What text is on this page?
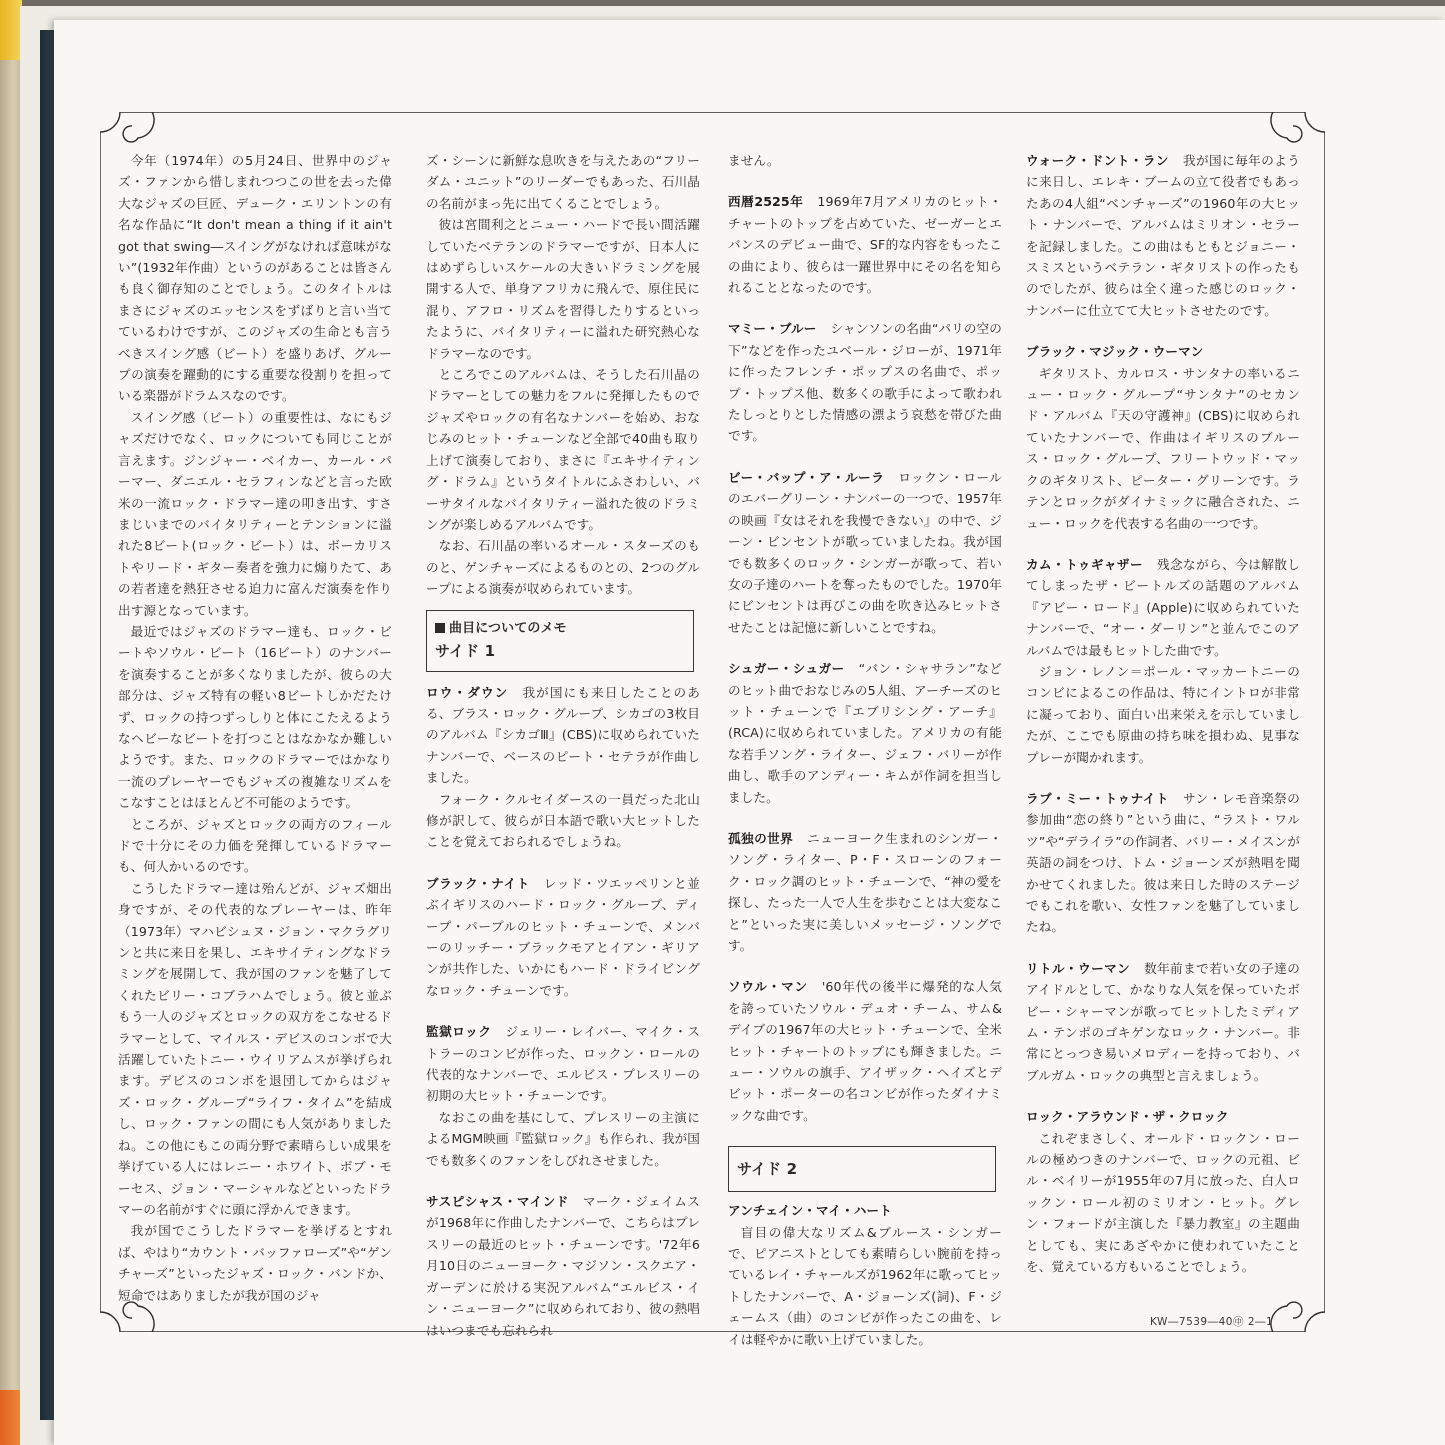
今年（1974年）の5月24日、世界中のジャズ・ファンから惜しまれつつこの世を去った偉大なジャズの巨匠、デューク・エリントンの有名な作品に“It don't mean a thing if it ain't got that swing―スイングがなければ意味がない”(1932年作曲）というのがあることは皆さんも良く御存知のことでしょう。このタイトルはまさにジャズのエッセンスをずばりと言い当てているわけですが、このジャズの生命とも言うべきスイング感（ビート）を盛りあげ、グループの演奏を躍動的にする重要な役割りを担っている楽器がドラムスなのです。

スイング感（ビート）の重要性は、なにもジャズだけでなく、ロックについても同じことが言えます。ジンジャー・ベイカー、カール・パーマー、ダニエル・セラフィンなどと言った欧米の一流ロック・ドラマー達の叩き出す、すさまじいまでのバイタリティーとテンションに溢れた8ビート(ロック・ビート）は、ボーカリストやリード・ギター奏者を強力に煽りたて、あの若者達を熱狂させる迫力に富んだ演奏を作り出す源となっています。

最近ではジャズのドラマー達も、ロック・ビートやソウル・ビート（16ビート）のナンバーを演奏することが多くなりましたが、彼らの大部分は、ジャズ特有の軽い8ビートしかだたけず、ロックの持つずっしりと体にこたえるようなヘビーなビートを打つことはなかなか難しいようです。また、ロックのドラマーではかなり一流のプレーヤーでもジャズの複雑なリズムをこなすことはほとんど不可能のようです。

ところが、ジャズとロックの両方のフィールドで十分にその力価を発揮しているドラマーも、何人かいるのです。

こうしたドラマー達は殆んどが、ジャズ畑出身ですが、その代表的なプレーヤーは、昨年（1973年）マハビシュヌ・ジョン・マクラグリンと共に来日を果し、エキサイティングなドラミングを展開して、我が国のファンを魅了してくれたビリー・コブラハムでしょう。彼と並ぶもう一人のジャズとロックの双方をこなせるドラマーとして、マイルス・デビスのコンボで大活躍していたトニー・ウイリアムスが挙げられます。デビスのコンボを退団してからはジャズ・ロック・グループ“ライフ・タイム”を結成し、ロック・ファンの間にも人気がありましたね。この他にもこの両分野で素晴らしい成果を挙げている人にはレニー・ホワイト、ボブ・モーセス、ジョン・マーシャルなどといったドラマーの名前がすぐに頭に浮かんできます。

我が国でこうしたドラマーを挙げるとすれば、やはり“カウント・バッファローズ”や“ゲンチャーズ”といったジャズ・ロック・バンドか、短命ではありましたが我が国のジャ

ズ・シーンに新鮮な息吹きを与えたあの“フリーダム・ユニット”のリーダーでもあった、石川晶の名前がまっ先に出てくることでしょう。

彼は宮間利之とニュー・ハードで長い間活躍していたベテランのドラマーですが、日本人にはめずらしいスケールの大きいドラミングを展開する人で、単身アフリカに飛んで、原住民に混り、アフロ・リズムを習得したりするといったように、バイタリティーに溢れた研究熱心なドラマーなのです。

ところでこのアルバムは、そうした石川晶のドラマーとしての魅力をフルに発揮したものでジャズやロックの有名なナンバーを始め、おなじみのヒット・チューンなど全部で40曲も取り上げて演奏しており、まさに『エキサイティング・ドラム』というタイトルにふさわしい、バーサタイルなバイタリティー溢れた彼のドラミングが楽しめるアルバムです。

なお、石川晶の率いるオール・スターズのものと、ゲンチャーズによるものとの、2つのグループによる演奏が収められています。

曲目についてのメモ
サイド 1

ロウ・ダウン 我が国にも来日したことのある、ブラス・ロック・グループ、シカゴの3枚目のアルバム『シカゴⅢ』(CBS)に収められていたナンバーで、ベースのピート・セテラが作曲しました。

フォーク・クルセイダースの一員だった北山修が訳して、彼らが日本語で歌い大ヒットしたことを覚えておられるでしょうね。

ブラック・ナイト レッド・ツエッペリンと並ぶイギリスのハード・ロック・グループ、ディープ・パープルのヒット・チューンで、メンバーのリッチー・ブラックモアとイアン・ギリアンが共作した、いかにもハード・ドライビングなロック・チューンです。

監獄ロック ジェリー・レイバー、マイク・ストラーのコンビが作った、ロックン・ロールの代表的なナンバーで、エルビス・プレスリーの初期の大ヒット・チューンです。

なおこの曲を基にして、プレスリーの主演によるMGM映画『監獄ロック』も作られ、我が国でも数多くのファンをしびれさせました。

サスピシャス・マインド マーク・ジェイムスが1968年に作曲したナンバーで、こちらはプレスリーの最近のヒット・チューンです。'72年6月10日のニューヨーク・マジソン・スクエア・ガーデンに於ける実況アルバム“エルビス・イン・ニューヨーク”に収められており、彼の熱唱はいつまでも忘れられ

ません。

西暦2525年 1969年7月アメリカのヒット・チャートのトップを占めていた、ゼーガーとエバンスのデビュー曲で、SF的な内容をもったこの曲により、彼らは一躍世界中にその名を知られることとなったのです。

マミー・ブルー シャンソンの名曲“パリの空の下”などを作ったユベール・ジローが、1971年に作ったフレンチ・ポップスの名曲で、ポップ・トップス他、数多くの歌手によって歌われたしっとりとした情感の漂よう哀愁を帯びた曲です。

ビー・バップ・ア・ルーラ ロックン・ロールのエバーグリーン・ナンバーの一つで、1957年の映画『女はそれを我慢できない』の中で、ジーン・ビンセントが歌っていましたね。我が国でも数多くのロック・シンガーが歌って、若い女の子達のハートを奪ったものでした。1970年にビンセントは再びこの曲を吹き込みヒットさせたことは記憶に新しいことですね。

シュガー・シュガー “バン・シャサラン”などのヒット曲でおなじみの5人組、アーチーズのヒット・チューンで『エブリシング・アーチ』(RCA)に収められていました。アメリカの有能な若手ソング・ライター、ジェフ・バリーが作曲し、歌手のアンディー・キムが作詞を担当しました。

孤独の世界 ニューヨーク生まれのシンガー・ソング・ライター、P・F・スローンのフォーク・ロック調のヒット・チューンで、“神の愛を探し、たった一人で人生を歩むことは大変なこと”といった実に美しいメッセージ・ソングです。

ソウル・マン '60年代の後半に爆発的な人気を誇っていたソウル・デュオ・チーム、サム&デイブの1967年の大ヒット・チューンで、全米ヒット・チャートのトップにも輝きました。ニュー・ソウルの旗手、アイザック・ヘイズとデビット・ポーターの名コンビが作ったダイナミックな曲です。

サイド 2

アンチェイン・マイ・ハート

盲目の偉大なリズム&ブルース・シンガーで、ピアニストとしても素晴らしい腕前を持っているレイ・チャールズが1962年に歌ってヒットしたナンバーで、A・ジョーンズ(詞)、F・ジェームス（曲）のコンビが作ったこの曲を、レイは軽やかに歌い上げていました。

ウォーク・ドント・ラン 我が国に毎年のように来日し、エレキ・ブームの立て役者でもあったあの4人組“ベンチャーズ”の1960年の大ヒット・ナンバーで、アルバムはミリオン・セラーを記録しました。この曲はもともとジョニー・スミスというベテラン・ギタリストの作ったものでしたが、彼らは全く違った感じのロック・ナンバーに仕立てて大ヒットさせたのです。

ブラック・マジック・ウーマン

ギタリスト、カルロス・サンタナの率いるニュー・ロック・グループ“サンタナ”のセカンド・アルバム『天の守護神』(CBS)に収められていたナンバーで、作曲はイギリスのブルース・ロック・グループ、フリートウッド・マックのギタリスト、ピーター・グリーンです。ラテンとロックがダイナミックに融合された、ニュー・ロックを代表する名曲の一つです。

カム・トゥギャザー 残念ながら、今は解散してしまったザ・ビートルズの話題のアルバム『アビー・ロード』(Apple)に収められていたナンバーで、“オー・ダーリン”と並んでこのアルバムでは最もヒットした曲です。

ジョン・レノン＝ポール・マッカートニーのコンビによるこの作品は、特にイントロが非常に凝っており、面白い出来栄えを示していましたが、ここでも原曲の持ち味を損わぬ、見事なプレーが聞かれます。

ラブ・ミー・トゥナイト サン・レモ音楽祭の参加曲“恋の終り”という曲に、“ラスト・ワルツ”や“デライラ”の作詞者、バリー・メイスンが英語の詞をつけ、トム・ジョーンズが熱唱を聞かせてくれました。彼は来日した時のステージでもこれを歌い、女性ファンを魅了していましたね。

リトル・ウーマン 数年前まで若い女の子達のアイドルとして、かなりな人気を保っていたボビー・シャーマンが歌ってヒットしたミディアム・テンポのゴキゲンなロック・ナンバー。非常にとっつき易いメロディーを持っており、バブルガム・ロックの典型と言えましょう。

ロック・アラウンド・ザ・クロック

これぞまさしく、オールド・ロックン・ロールの極めつきのナンバーで、ロックの元祖、ビル・ベイリーが1955年の7月に放った、白人ロックン・ロール初のミリオン・ヒット。グレン・フォードが主演した『暴力教室』の主題曲としても、実にあざやかに使われていたことを、覚えている方もいることでしょう。

KW―7539―40㊥ 2―1
